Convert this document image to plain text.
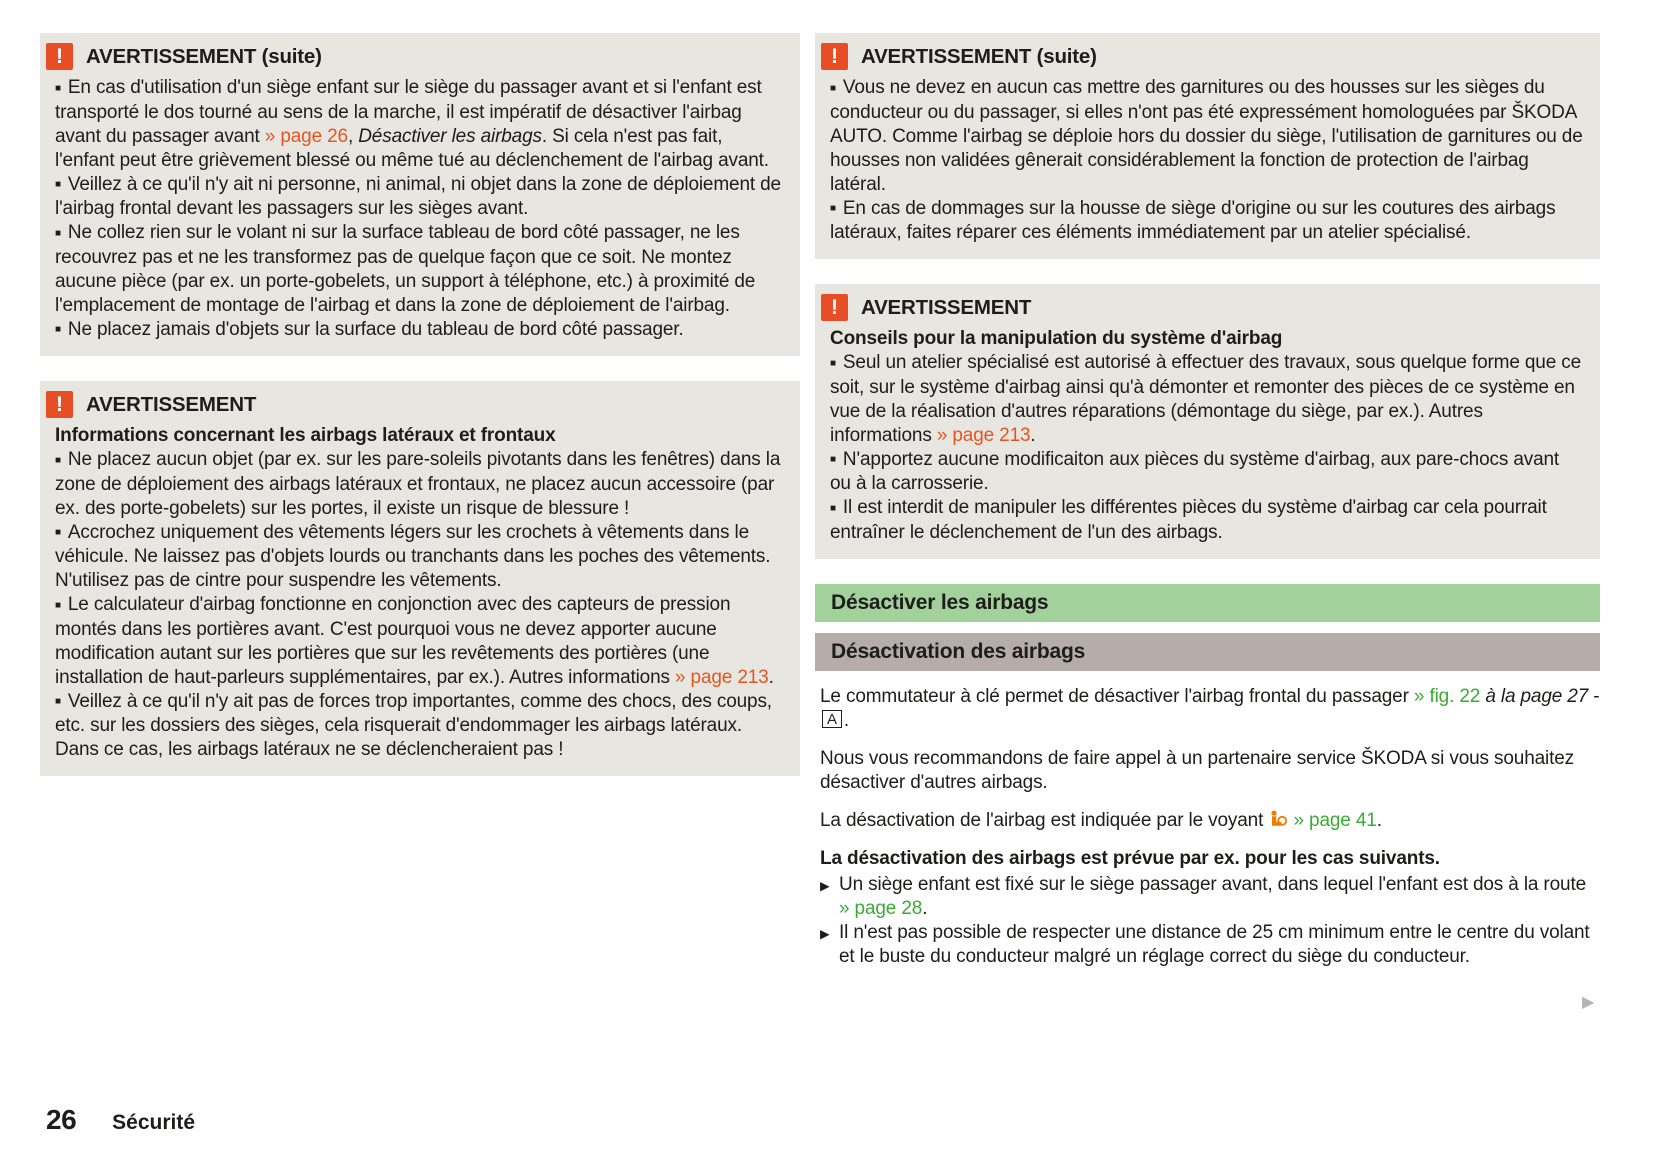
!	AVERTISSEMENT (suite)

■ En cas d'utilisation d'un siège enfant sur le siège du passager avant et si l'enfant est transporté le dos tourné au sens de la marche, il est impératif de désactiver l'airbag avant du passager avant » page 26, Désactiver les airbags. Si cela n'est pas fait, l'enfant peut être grièvement blessé ou même tué au déclenchement de l'airbag avant.

■ Veillez à ce qu'il n'y ait ni personne, ni animal, ni objet dans la zone de déploiement de l'airbag frontal devant les passagers sur les sièges avant.

■ Ne collez rien sur le volant ni sur la surface tableau de bord côté passager, ne les recouvrez pas et ne les transformez pas de quelque façon que ce soit. Ne montez aucune pièce (par ex. un porte-gobelets, un support à téléphone, etc.) à proximité de l'emplacement de montage de l'airbag et dans la zone de déploiement de l'airbag.

■ Ne placez jamais d'objets sur la surface du tableau de bord côté passager.

!	AVERTISSEMENT

Informations concernant les airbags latéraux et frontaux

■ Ne placez aucun objet (par ex. sur les pare-soleils pivotants dans les fenêtres) dans la zone de déploiement des airbags latéraux et frontaux, ne placez aucun accessoire (par ex. des porte-gobelets) sur les portes, il existe un risque de blessure !

■ Accrochez uniquement des vêtements légers sur les crochets à vêtements dans le véhicule. Ne laissez pas d'objets lourds ou tranchants dans les poches des vêtements. N'utilisez pas de cintre pour suspendre les vêtements.

■ Le calculateur d'airbag fonctionne en conjonction avec des capteurs de pression montés dans les portières avant. C'est pourquoi vous ne devez apporter aucune modification autant sur les portières que sur les revêtements des portières (une installation de haut-parleurs supplémentaires, par ex.). Autres informations » page 213.

■ Veillez à ce qu'il n'y ait pas de forces trop importantes, comme des chocs, des coups, etc. sur les dossiers des sièges, cela risquerait d'endommager les airbags latéraux. Dans ce cas, les airbags latéraux ne se déclencheraient pas !

!	AVERTISSEMENT (suite)

■ Vous ne devez en aucun cas mettre des garnitures ou des housses sur les sièges du conducteur ou du passager, si elles n'ont pas été expressément homologuées par ŠKODA AUTO. Comme l'airbag se déploie hors du dossier du siège, l'utilisation de garnitures ou de housses non validées gênerait considérablement la fonction de protection de l'airbag latéral.

■ En cas de dommages sur la housse de siège d'origine ou sur les coutures des airbags latéraux, faites réparer ces éléments immédiatement par un atelier spécialisé.

!	AVERTISSEMENT

Conseils pour la manipulation du système d'airbag

■ Seul un atelier spécialisé est autorisé à effectuer des travaux, sous quelque forme que ce soit, sur le système d'airbag ainsi qu'à démonter et remonter des pièces de ce système en vue de la réalisation d'autres réparations (démontage du siège, par ex.). Autres informations » page 213.

■ N'apportez aucune modificaiton aux pièces du système d'airbag, aux pare-chocs avant ou à la carrosserie.

■ Il est interdit de manipuler les différentes pièces du système d'airbag car cela pourrait entraîner le déclenchement de l'un des airbags.

Désactiver les airbags
Désactivation des airbags

Le commutateur à clé permet de désactiver l'airbag frontal du passager » fig. 22 à la page 27 - A .

Nous vous recommandons de faire appel à un partenaire service ŠKODA si vous souhaitez désactiver d'autres airbags.

La désactivation de l'airbag est indiquée par le voyant  » page 41.

La désactivation des airbags est prévue par ex. pour les cas suivants.

▶ Un siège enfant est fixé sur le siège passager avant, dans lequel l'enfant est dos à la route » page 28.
▶ Il n'est pas possible de respecter une distance de 25 cm minimum entre le centre du volant et le buste du conducteur malgré un réglage correct du siège du conducteur.
▶
26 Sécurité
